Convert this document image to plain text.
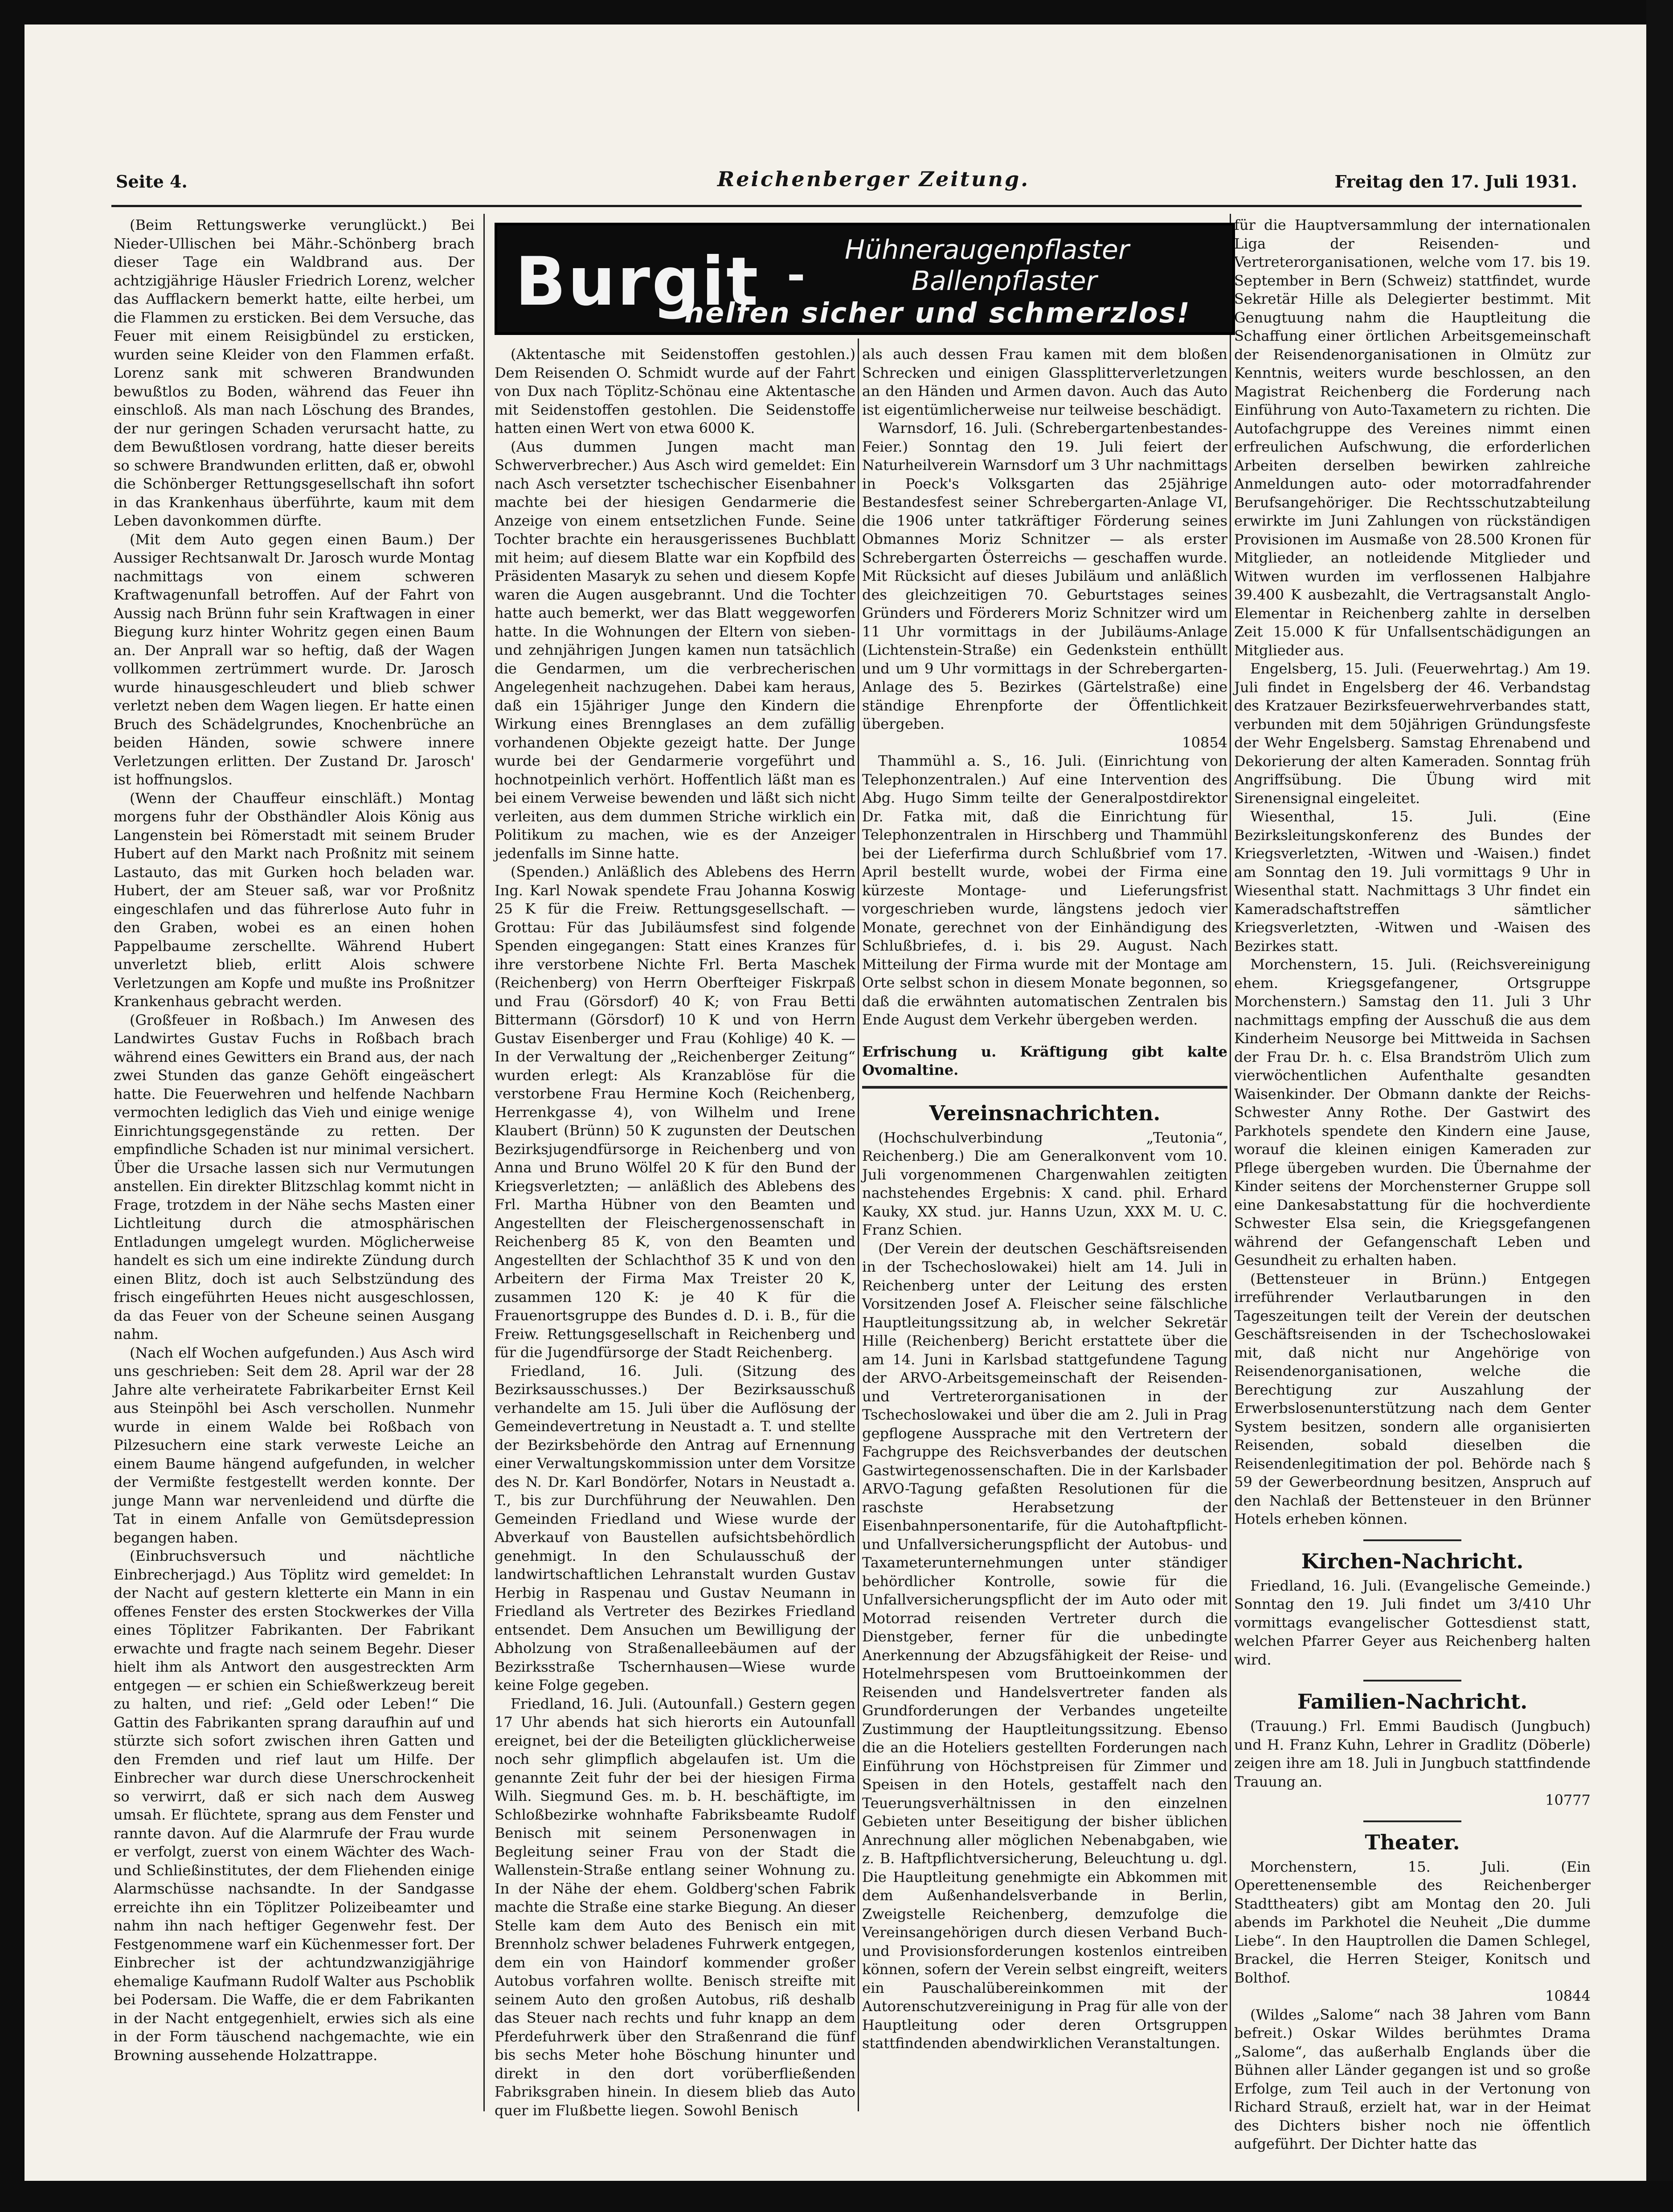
Seite 4.	Reichenberger Zeitung.	Freitag den 17. Juli 1931.

(Beim Rettungswerke verunglückt.) Bei Nieder-Ullischen bei Mähr.-Schönberg brach dieser Tage ein Waldbrand aus. Der achtzigjährige Häusler Friedrich Lorenz, welcher das Aufflackern bemerkt hatte, eilte herbei, um die Flammen zu ersticken. Bei dem Versuche, das Feuer mit einem Reisigbündel zu ersticken, wurden seine Kleider von den Flammen erfaßt. Lorenz sank mit schweren Brandwunden bewußtlos zu Boden, während das Feuer ihn einschloß. Als man nach Löschung des Brandes, der nur geringen Schaden verursacht hatte, zu dem Bewußtlosen vordrang, hatte dieser bereits so schwere Brandwunden erlitten, daß er, obwohl die Schönberger Rettungsgesellschaft ihn sofort in das Krankenhaus überführte, kaum mit dem Leben davonkommen dürfte.

(Mit dem Auto gegen einen Baum.) Der Aussiger Rechtsanwalt Dr. Jarosch wurde Montag nachmittags von einem schweren Kraftwagenunfall betroffen. Auf der Fahrt von Aussig nach Brünn fuhr sein Kraftwagen in einer Biegung kurz hinter Wohritz gegen einen Baum an. Der Anprall war so heftig, daß der Wagen vollkommen zertrümmert wurde. Dr. Jarosch wurde hinausgeschleudert und blieb schwer verletzt neben dem Wagen liegen. Er hatte einen Bruch des Schädelgrundes, Knochenbrüche an beiden Händen, sowie schwere innere Verletzungen erlitten. Der Zustand Dr. Jarosch' ist hoffnungslos.

(Wenn der Chauffeur einschläft.) Montag morgens fuhr der Obsthändler Alois König aus Langenstein bei Römerstadt mit seinem Bruder Hubert auf den Markt nach Proßnitz mit seinem Lastauto, das mit Gurken hoch beladen war. Hubert, der am Steuer saß, war vor Proßnitz eingeschlafen und das führerlose Auto fuhr in den Graben, wobei es an einen hohen Pappelbaume zerschellte. Während Hubert unverletzt blieb, erlitt Alois schwere Verletzungen am Kopfe und mußte ins Proßnitzer Krankenhaus gebracht werden.

(Großfeuer in Roßbach.) Im Anwesen des Landwirtes Gustav Fuchs in Roßbach brach während eines Gewitters ein Brand aus, der nach zwei Stunden das ganze Gehöft eingeäschert hatte. Die Feuerwehren und helfende Nachbarn vermochten lediglich das Vieh und einige wenige Einrichtungsgegenstände zu retten. Der empfindliche Schaden ist nur minimal versichert. Über die Ursache lassen sich nur Vermutungen anstellen. Ein direkter Blitzschlag kommt nicht in Frage, trotzdem in der Nähe sechs Masten einer Lichtleitung durch die atmosphärischen Entladungen umgelegt wurden. Möglicherweise handelt es sich um eine indirekte Zündung durch einen Blitz, doch ist auch Selbstzündung des frisch eingeführten Heues nicht ausgeschlossen, da das Feuer von der Scheune seinen Ausgang nahm.

(Nach elf Wochen aufgefunden.) Aus Asch wird uns geschrieben: Seit dem 28. April war der 28 Jahre alte verheiratete Fabrikarbeiter Ernst Keil aus Steinpöhl bei Asch verschollen. Nunmehr wurde in einem Walde bei Roßbach von Pilzesuchern eine stark verweste Leiche an einem Baume hängend aufgefunden, in welcher der Vermißte festgestellt werden konnte. Der junge Mann war nervenleidend und dürfte die Tat in einem Anfalle von Gemütsdepression begangen haben.

(Einbruchsversuch und nächtliche Einbrecherjagd.) Aus Töplitz wird gemeldet: In der Nacht auf gestern kletterte ein Mann in ein offenes Fenster des ersten Stockwerkes der Villa eines Töplitzer Fabrikanten. Der Fabrikant erwachte und fragte nach seinem Begehr. Dieser hielt ihm als Antwort den ausgestreckten Arm entgegen — er schien ein Schießwerkzeug bereit zu halten, und rief: „Geld oder Leben!“ Die Gattin des Fabrikanten sprang daraufhin auf und stürzte sich sofort zwischen ihren Gatten und den Fremden und rief laut um Hilfe. Der Einbrecher war durch diese Unerschrockenheit so verwirrt, daß er sich nach dem Ausweg umsah. Er flüchtete, sprang aus dem Fenster und rannte davon. Auf die Alarmrufe der Frau wurde er verfolgt, zuerst von einem Wächter des Wach- und Schließinstitutes, der dem Fliehenden einige Alarmschüsse nachsandte. In der Sandgasse erreichte ihn ein Töplitzer Polizeibeamter und nahm ihn nach heftiger Gegenwehr fest. Der Festgenommene warf ein Küchenmesser fort. Der Einbrecher ist der achtundzwanzigjährige ehemalige Kaufmann Rudolf Walter aus Pschoblik bei Podersam. Die Waffe, die er dem Fabrikanten in der Nacht entgegenhielt, erwies sich als eine in der Form täuschend nachgemachte, wie ein Browning aussehende Holzattrappe.

Burgit - Hühneraugenpflaster
Ballenpflaster
helfen sicher und schmerzlos!

(Aktentasche mit Seidenstoffen gestohlen.) Dem Reisenden O. Schmidt wurde auf der Fahrt von Dux nach Töplitz-Schönau eine Aktentasche mit Seidenstoffen gestohlen. Die Seidenstoffe hatten einen Wert von etwa 6000 K.

(Aus dummen Jungen macht man Schwerverbrecher.) Aus Asch wird gemeldet: Ein nach Asch versetzter tschechischer Eisenbahner machte bei der hiesigen Gendarmerie die Anzeige von einem entsetzlichen Funde. Seine Tochter brachte ein herausgerissenes Buchblatt mit heim; auf diesem Blatte war ein Kopfbild des Präsidenten Masaryk zu sehen und diesem Kopfe waren die Augen ausgebrannt. Und die Tochter hatte auch bemerkt, wer das Blatt weggeworfen hatte. In die Wohnungen der Eltern von sieben- und zehnjährigen Jungen kamen nun tatsächlich die Gendarmen, um die verbrecherischen Angelegenheit nachzugehen. Dabei kam heraus, daß ein 15jähriger Junge den Kindern die Wirkung eines Brennglases an dem zufällig vorhandenen Objekte gezeigt hatte. Der Junge wurde bei der Gendarmerie vorgeführt und hochnotpeinlich verhört. Hoffentlich läßt man es bei einem Verweise bewenden und läßt sich nicht verleiten, aus dem dummen Striche wirklich ein Politikum zu machen, wie es der Anzeiger jedenfalls im Sinne hatte.

(Spenden.) Anläßlich des Ablebens des Herrn Ing. Karl Nowak spendete Frau Johanna Koswig 25 K für die Freiw. Rettungsgesellschaft. — Grottau: Für das Jubiläumsfest sind folgende Spenden eingegangen: Statt eines Kranzes für ihre verstorbene Nichte Frl. Berta Maschek (Reichenberg) von Herrn Oberfteiger Fiskrpaß und Frau (Görsdorf) 40 K; von Frau Betti Bittermann (Görsdorf) 10 K und von Herrn Gustav Eisenberger und Frau (Kohlige) 40 K. — In der Verwaltung der „Reichenberger Zeitung“ wurden erlegt: Als Kranzablöse für die verstorbene Frau Hermine Koch (Reichenberg, Herrenkgasse 4), von Wilhelm und Irene Klaubert (Brünn) 50 K zugunsten der Deutschen Bezirksjugendfürsorge in Reichenberg und von Anna und Bruno Wölfel 20 K für den Bund der Kriegsverletzten; — anläßlich des Ablebens des Frl. Martha Hübner von den Beamten und Angestellten der Fleischergenossenschaft in Reichenberg 85 K, von den Beamten und Angestellten der Schlachthof 35 K und von den Arbeitern der Firma Max Treister 20 K, zusammen 120 K: je 40 K für die Frauenortsgruppe des Bundes d. D. i. B., für die Freiw. Rettungsgesellschaft in Reichenberg und für die Jugendfürsorge der Stadt Reichenberg.

Friedland, 16. Juli. (Sitzung des Bezirksausschusses.) Der Bezirksausschuß verhandelte am 15. Juli über die Auflösung der Gemeindevertretung in Neustadt a. T. und stellte der Bezirksbehörde den Antrag auf Ernennung einer Verwaltungskommission unter dem Vorsitze des N. Dr. Karl Bondörfer, Notars in Neustadt a. T., bis zur Durchführung der Neuwahlen. Den Gemeinden Friedland und Wiese wurde der Abverkauf von Baustellen aufsichtsbehördlich genehmigt. In den Schulausschuß der landwirtschaftlichen Lehranstalt wurden Gustav Herbig in Raspenau und Gustav Neumann in Friedland als Vertreter des Bezirkes Friedland entsendet. Dem Ansuchen um Bewilligung der Abholzung von Straßenalleebäumen auf der Bezirksstraße Tschernhausen—Wiese wurde keine Folge gegeben.

Friedland, 16. Juli. (Autounfall.) Gestern gegen 17 Uhr abends hat sich hierorts ein Autounfall ereignet, bei der die Beteiligten glücklicherweise noch sehr glimpflich abgelaufen ist. Um die genannte Zeit fuhr der bei der hiesigen Firma Wilh. Siegmund Ges. m. b. H. beschäftigte, im Schloßbezirke wohnhafte Fabriksbeamte Rudolf Benisch mit seinem Personenwagen in Begleitung seiner Frau von der Stadt die Wallenstein-Straße entlang seiner Wohnung zu. In der Nähe der ehem. Goldberg'schen Fabrik machte die Straße eine starke Biegung. An dieser Stelle kam dem Auto des Benisch ein mit Brennholz schwer beladenes Fuhrwerk entgegen, dem ein von Haindorf kommender großer Autobus vorfahren wollte. Benisch streifte mit seinem Auto den großen Autobus, riß deshalb das Steuer nach rechts und fuhr knapp an dem Pferdefuhrwerk über den Straßenrand die fünf bis sechs Meter hohe Böschung hinunter und direkt in den dort vorüberfließenden Fabriksgraben hinein. In diesem blieb das Auto quer im Flußbette liegen. Sowohl Benisch

als auch dessen Frau kamen mit dem bloßen Schrecken und einigen Glassplitterverletzungen an den Händen und Armen davon. Auch das Auto ist eigentümlicherweise nur teilweise beschädigt.

Warnsdorf, 16. Juli. (Schrebergartenbestandes-Feier.) Sonntag den 19. Juli feiert der Naturheilverein Warnsdorf um 3 Uhr nachmittags in Poeck's Volksgarten das 25jährige Bestandesfest seiner Schrebergarten-Anlage VI, die 1906 unter tatkräftiger Förderung seines Obmannes Moriz Schnitzer — als erster Schrebergarten Österreichs — geschaffen wurde. Mit Rücksicht auf dieses Jubiläum und anläßlich des gleichzeitigen 70. Geburtstages seines Gründers und Förderers Moriz Schnitzer wird um 11 Uhr vormittags in der Jubiläums-Anlage (Lichtenstein-Straße) ein Gedenkstein enthüllt und um 9 Uhr vormittags in der Schrebergarten-Anlage des 5. Bezirkes (Gärtelstraße) eine ständige Ehrenpforte der Öffentlichkeit übergeben.

10854

Thammühl a. S., 16. Juli. (Einrichtung von Telephonzentralen.) Auf eine Intervention des Abg. Hugo Simm teilte der Generalpostdirektor Dr. Fatka mit, daß die Einrichtung für Telephonzentralen in Hirschberg und Thammühl bei der Lieferfirma durch Schlußbrief vom 17. April bestellt wurde, wobei der Firma eine kürzeste Montage- und Lieferungsfrist vorgeschrieben wurde, längstens jedoch vier Monate, gerechnet von der Einhändigung des Schlußbriefes, d. i. bis 29. August. Nach Mitteilung der Firma wurde mit der Montage am Orte selbst schon in diesem Monate begonnen, so daß die erwähnten automatischen Zentralen bis Ende August dem Verkehr übergeben werden.

Erfrischung u. Kräftigung gibt kalte Ovomaltine.

Vereinsnachrichten.

(Hochschulverbindung „Teutonia“, Reichenberg.) Die am Generalkonvent vom 10. Juli vorgenommenen Chargenwahlen zeitigten nachstehendes Ergebnis: X cand. phil. Erhard Kauky, XX stud. jur. Hanns Uzun, XXX M. U. C. Franz Schien.

(Der Verein der deutschen Geschäftsreisenden in der Tschechoslowakei) hielt am 14. Juli in Reichenberg unter der Leitung des ersten Vorsitzenden Josef A. Fleischer seine fälschliche Hauptleitungssitzung ab, in welcher Sekretär Hille (Reichenberg) Bericht erstattete über die am 14. Juni in Karlsbad stattgefundene Tagung der ARVO-Arbeitsgemeinschaft der Reisenden- und Vertreterorganisationen in der Tschechoslowakei und über die am 2. Juli in Prag gepflogene Aussprache mit den Vertretern der Fachgruppe des Reichsverbandes der deutschen Gastwirtegenossenschaften. Die in der Karlsbader ARVO-Tagung gefaßten Resolutionen für die raschste Herabsetzung der Eisenbahnpersonentarife, für die Autohaftpflicht- und Unfallversicherungspflicht der Autobus- und Taxameterunternehmungen unter ständiger behördlicher Kontrolle, sowie für die Unfallversicherungspflicht der im Auto oder mit Motorrad reisenden Vertreter durch die Dienstgeber, ferner für die unbedingte Anerkennung der Abzugsfähigkeit der Reise- und Hotelmehrspesen vom Bruttoeinkommen der Reisenden und Handelsvertreter fanden als Grundforderungen der Verbandes ungeteilte Zustimmung der Hauptleitungssitzung. Ebenso die an die Hoteliers gestellten Forderungen nach Einführung von Höchstpreisen für Zimmer und Speisen in den Hotels, gestaffelt nach den Teuerungsverhältnissen in den einzelnen Gebieten unter Beseitigung der bisher üblichen Anrechnung aller möglichen Nebenabgaben, wie z. B. Haftpflichtversicherung, Beleuchtung u. dgl. Die Hauptleitung genehmigte ein Abkommen mit dem Außenhandelsverbande in Berlin, Zweigstelle Reichenberg, demzufolge die Vereinsangehörigen durch diesen Verband Buch- und Provisionsforderungen kostenlos eintreiben können, sofern der Verein selbst eingreift, weiters ein Pauschalübereinkommen mit der Autorenschutzvereinigung in Prag für alle von der Hauptleitung oder deren Ortsgruppen stattfindenden abendwirklichen Veranstaltungen.

für die Hauptversammlung der internationalen Liga der Reisenden- und Vertreterorganisationen, welche vom 17. bis 19. September in Bern (Schweiz) stattfindet, wurde Sekretär Hille als Delegierter bestimmt. Mit Genugtuung nahm die Hauptleitung die Schaffung einer örtlichen Arbeitsgemeinschaft der Reisendenorganisationen in Olmütz zur Kenntnis, weiters wurde beschlossen, an den Magistrat Reichenberg die Forderung nach Einführung von Auto-Taxametern zu richten. Die Autofachgruppe des Vereines nimmt einen erfreulichen Aufschwung, die erforderlichen Arbeiten derselben bewirken zahlreiche Anmeldungen auto- oder motorradfahrender Berufsangehöriger. Die Rechtsschutzabteilung erwirkte im Juni Zahlungen von rückständigen Provisionen im Ausmaße von 28.500 Kronen für Mitglieder, an notleidende Mitglieder und Witwen wurden im verflossenen Halbjahre 39.400 K ausbezahlt, die Vertragsanstalt Anglo-Elementar in Reichenberg zahlte in derselben Zeit 15.000 K für Unfallsentschädigungen an Mitglieder aus.

Engelsberg, 15. Juli. (Feuerwehrtag.) Am 19. Juli findet in Engelsberg der 46. Verbandstag des Kratzauer Bezirksfeuerwehrverbandes statt, verbunden mit dem 50jährigen Gründungsfeste der Wehr Engelsberg. Samstag Ehrenabend und Dekorierung der alten Kameraden. Sonntag früh Angriffsübung. Die Übung wird mit Sirenensignal eingeleitet.

Wiesenthal, 15. Juli. (Eine Bezirksleitungskonferenz des Bundes der Kriegsverletzten, -Witwen und -Waisen.) findet am Sonntag den 19. Juli vormittags 9 Uhr in Wiesenthal statt. Nachmittags 3 Uhr findet ein Kameradschaftstreffen sämtlicher Kriegsverletzten, -Witwen und -Waisen des Bezirkes statt.

Morchenstern, 15. Juli. (Reichsvereinigung ehem. Kriegsgefangener, Ortsgruppe Morchenstern.) Samstag den 11. Juli 3 Uhr nachmittags empfing der Ausschuß die aus dem Kinderheim Neusorge bei Mittweida in Sachsen der Frau Dr. h. c. Elsa Brandström Ulich zum vierwöchentlichen Aufenthalte gesandten Waisenkinder. Der Obmann dankte der Reichs-Schwester Anny Rothe. Der Gastwirt des Parkhotels spendete den Kindern eine Jause, worauf die kleinen einigen Kameraden zur Pflege übergeben wurden. Die Übernahme der Kinder seitens der Morchensterner Gruppe soll eine Dankesabstattung für die hochverdiente Schwester Elsa sein, die Kriegsgefangenen während der Gefangenschaft Leben und Gesundheit zu erhalten haben.

(Bettensteuer in Brünn.) Entgegen irreführender Verlautbarungen in den Tageszeitungen teilt der Verein der deutschen Geschäftsreisenden in der Tschechoslowakei mit, daß nicht nur Angehörige von Reisendenorganisationen, welche die Berechtigung zur Auszahlung der Erwerbslosenunterstützung nach dem Genter System besitzen, sondern alle organisierten Reisenden, sobald dieselben die Reisendenlegitimation der pol. Behörde nach § 59 der Gewerbeordnung besitzen, Anspruch auf den Nachlaß der Bettensteuer in den Brünner Hotels erheben können.

Kirchen-Nachricht.

Friedland, 16. Juli. (Evangelische Gemeinde.) Sonntag den 19. Juli findet um 3/410 Uhr vormittags evangelischer Gottesdienst statt, welchen Pfarrer Geyer aus Reichenberg halten wird.

Familien-Nachricht.

(Trauung.) Frl. Emmi Baudisch (Jungbuch) und H. Franz Kuhn, Lehrer in Gradlitz (Döberle) zeigen ihre am 18. Juli in Jungbuch stattfindende Trauung an.

10777

Theater.

Morchenstern, 15. Juli. (Ein Operettenensemble des Reichenberger Stadttheaters) gibt am Montag den 20. Juli abends im Parkhotel die Neuheit „Die dumme Liebe“. In den Hauptrollen die Damen Schlegel, Brackel, die Herren Steiger, Konitsch und Bolthof.

10844

(Wildes „Salome“ nach 38 Jahren vom Bann befreit.) Oskar Wildes berühmtes Drama „Salome“, das außerhalb Englands über die Bühnen aller Länder gegangen ist und so große Erfolge, zum Teil auch in der Vertonung von Richard Strauß, erzielt hat, war in der Heimat des Dichters bisher noch nie öffentlich aufgeführt. Der Dichter hatte das
